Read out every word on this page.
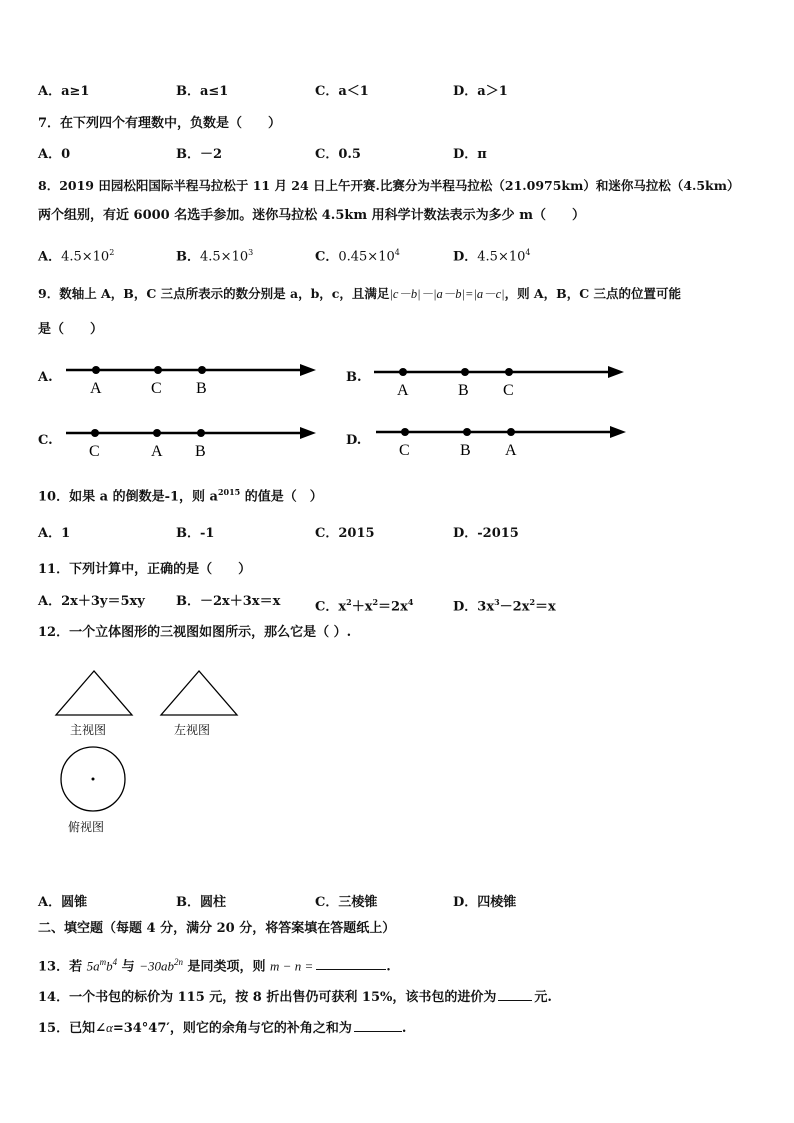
A．a≥1	B．a≤1	C．a＜1	D．a＞1
7．在下列四个有理数中，负数是（　　）
A．0	B．－2	C．0.5	D．π
8．2019 田园松阳国际半程马拉松于 11 月 24 日上午开赛.比赛分为半程马拉松（21.0975km）和迷你马拉松（4.5km）
两个组别，有近 6000 名选手参加。迷你马拉松 4.5km 用科学计数法表示为多少 m（　　）
A．$4.5\times 10^2$	B．$4.5\times 10^3$	C．$0.45\times 10^4$	D．$4.5\times 10^4$
9．数轴上 A，B，C 三点所表示的数分别是 a，b，c，且满足|c－b|－|a－b|=|a－c|，则 A，B，C 三点的位置可能
是（　　）
A.
A	C B
B.
A	B C
C.
C	A B
D.
C	B A
10．如果 a 的倒数是-1，则 $a^{2015}$ 的值是（　）
A．1	B．-1	C．2015	D．-2015
11．下列计算中，正确的是（　　）
A．2x＋3y＝5xy B．－2x＋3x＝x	C．$x^2+x^2=2x^4$	D．$3x^3-2x^2=x$
12．一个立体图形的三视图如图所示，那么它是（ ）.
主视图	左视图
俯视图
A．圆锥	B．圆柱	C．三棱锥	D．四棱锥
二、填空题（每题 4 分，满分 20 分，将答案填在答题纸上）
13．若 $5a^mb^4$ 与 $-30ab^{2n}$ 是同类项，则 m − n =	.
14．一个书包的标价为 115 元，按 8 折出售仍可获利 15%，该书包的进价为	元.
15．已知∠α=34°47′，则它的余角与它的补角之和为	.
